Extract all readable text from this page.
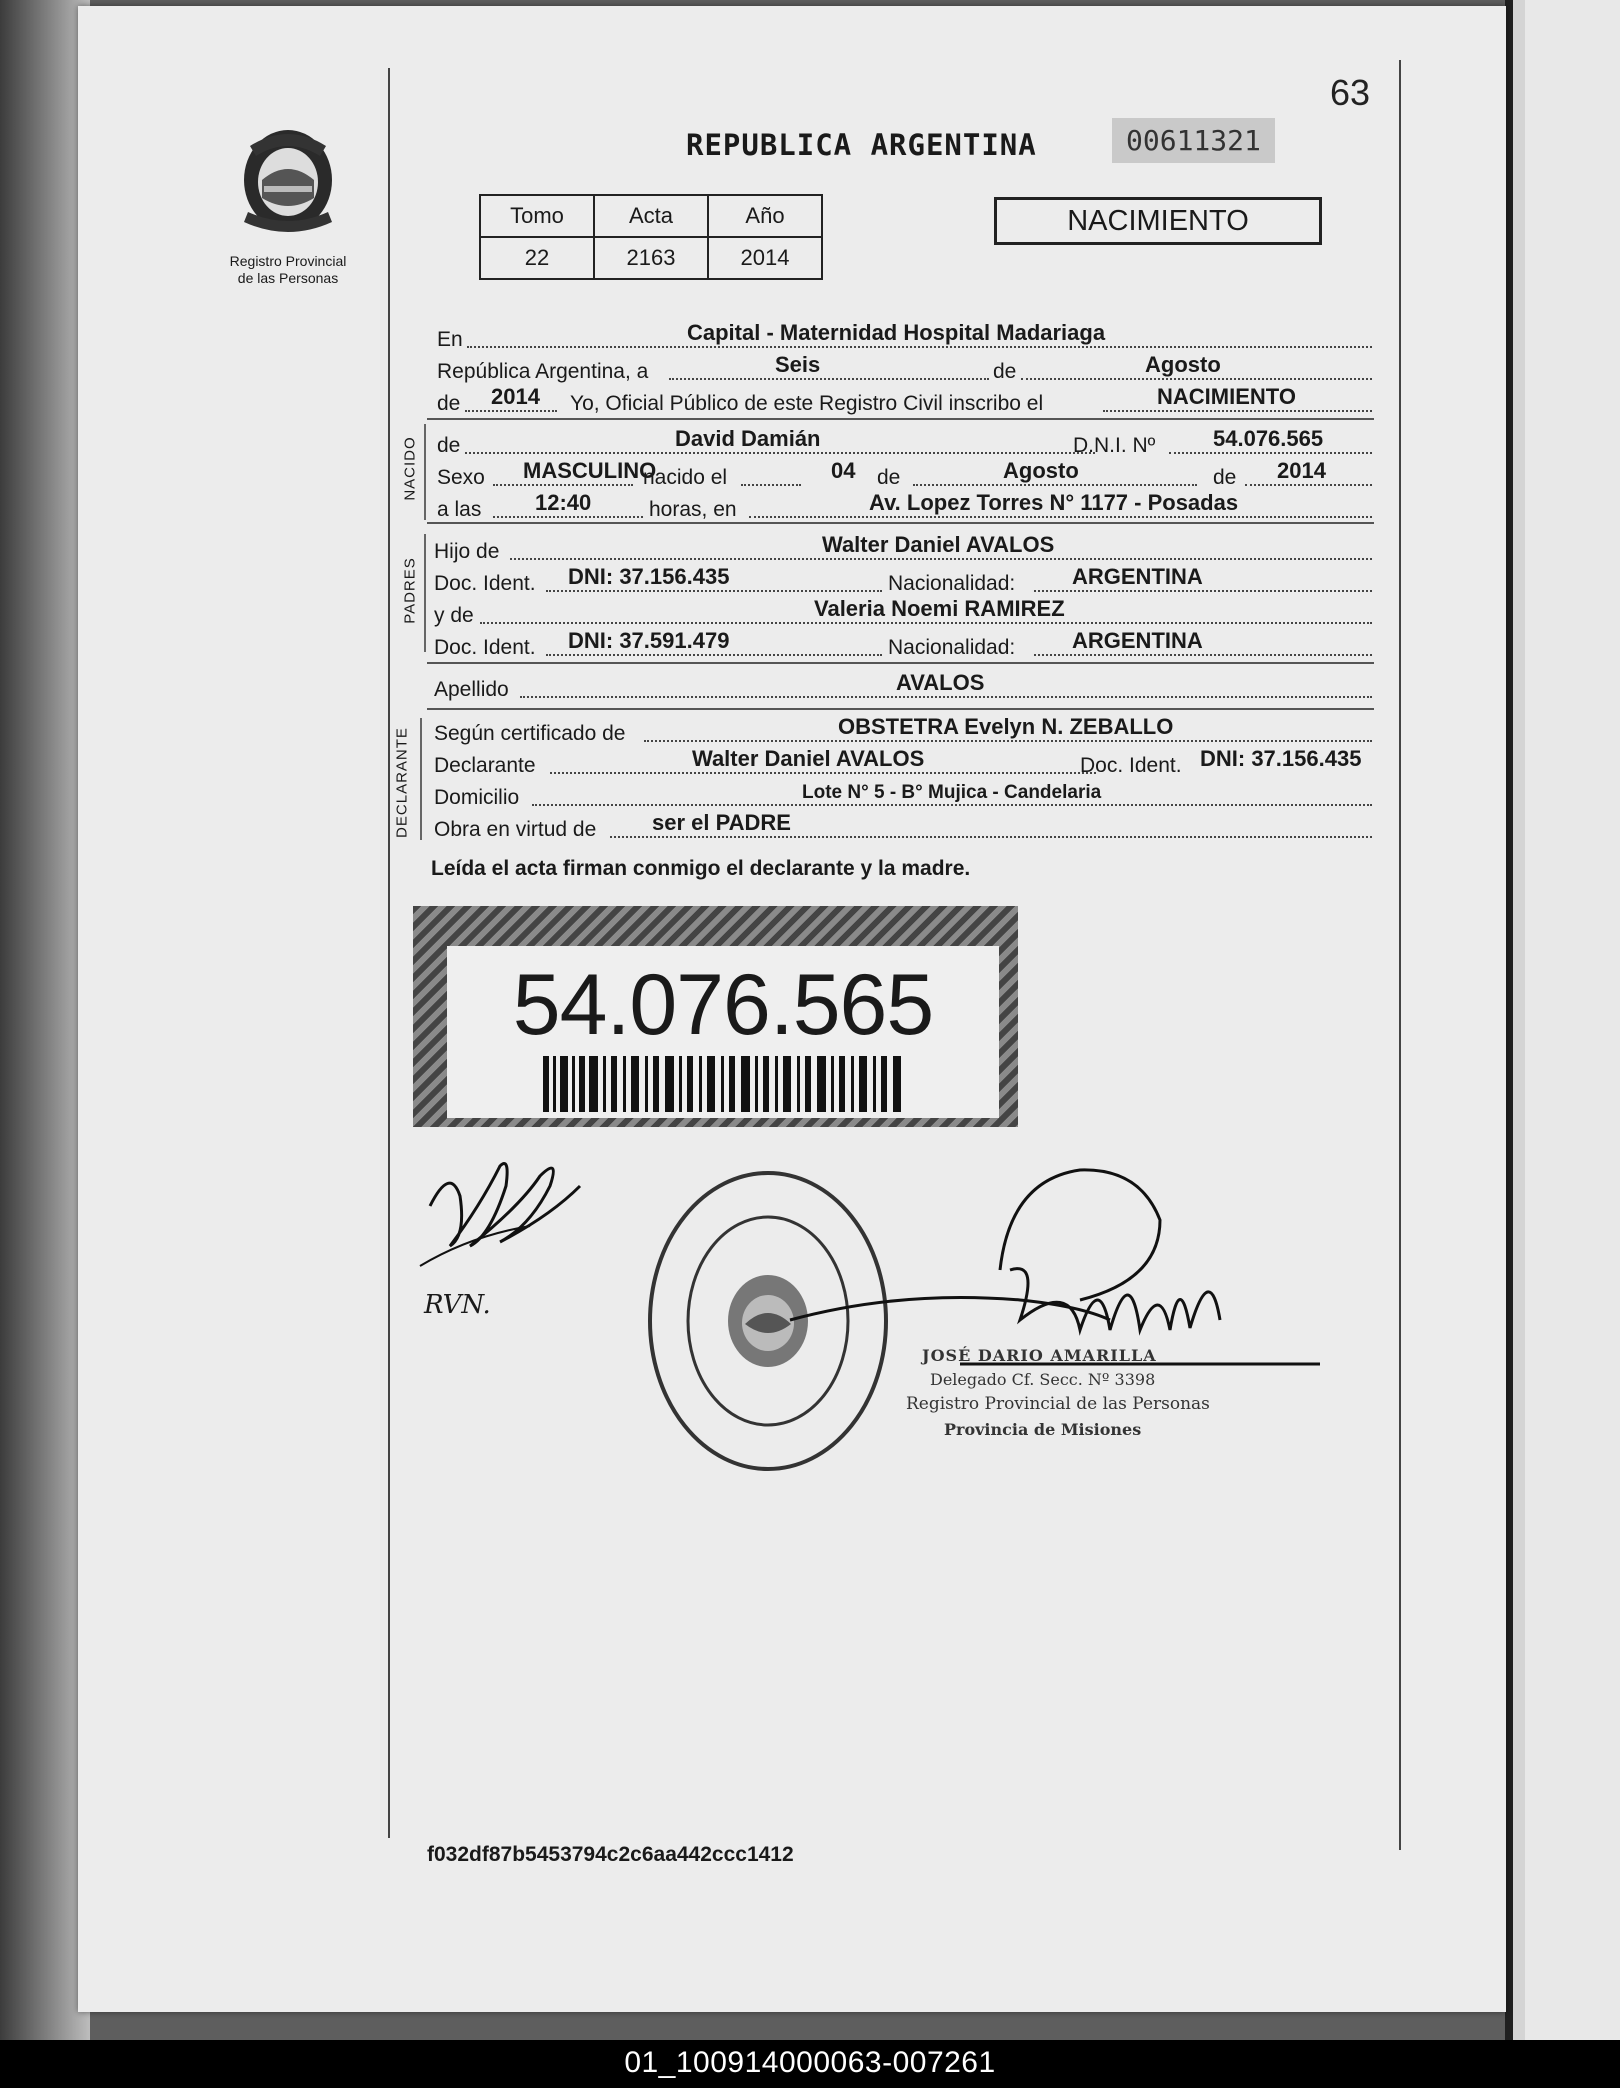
63
Registro Provincial
de las Personas
REPUBLICA ARGENTINA	00611321
Tomo	Acta	Año
22	2163	2014
NACIMIENTO
En	Capital - Maternidad Hospital Madariaga
República Argentina, a	Seis	de	Agosto
de 2014 Yo, Oficial Público de este Registro Civil inscribo el	NACIMIENTO
NACIDO de	David Damián	D.N.I. Nº	54.076.565
Sexo MASCULINO
nacido el	04 de	Agosto	de 2014
a las 12:40	horas, en	Av. Lopez Torres N° 1177 - Posadas
PADRES
Hijo de	Walter Daniel AVALOS
Doc. Ident. DNI: 37.156.435	Nacionalidad:	ARGENTINA
y de	Valeria Noemi RAMIREZ
Doc. Ident. DNI: 37.591.479	Nacionalidad:	ARGENTINA
Apellido	AVALOS
DECLARANTE Según certificado de	OBSTETRA Evelyn N. ZEBALLO
Declarante	Walter Daniel AVALOS	Doc. Ident. DNI: 37.156.435
Domicilio	Lote N° 5 - B° Mujica - Candelaria
Obra en virtud de	ser el PADRE
Leída el acta firman conmigo el declarante y la madre.
54.076.565
RVN.
JOSÉ DARIO AMARILLA
Delegado Cf. Secc. Nº 3398
Registro Provincial de las Personas
Provincia de Misiones
f032df87b5453794c2c6aa442ccc1412
01_100914000063-007261
